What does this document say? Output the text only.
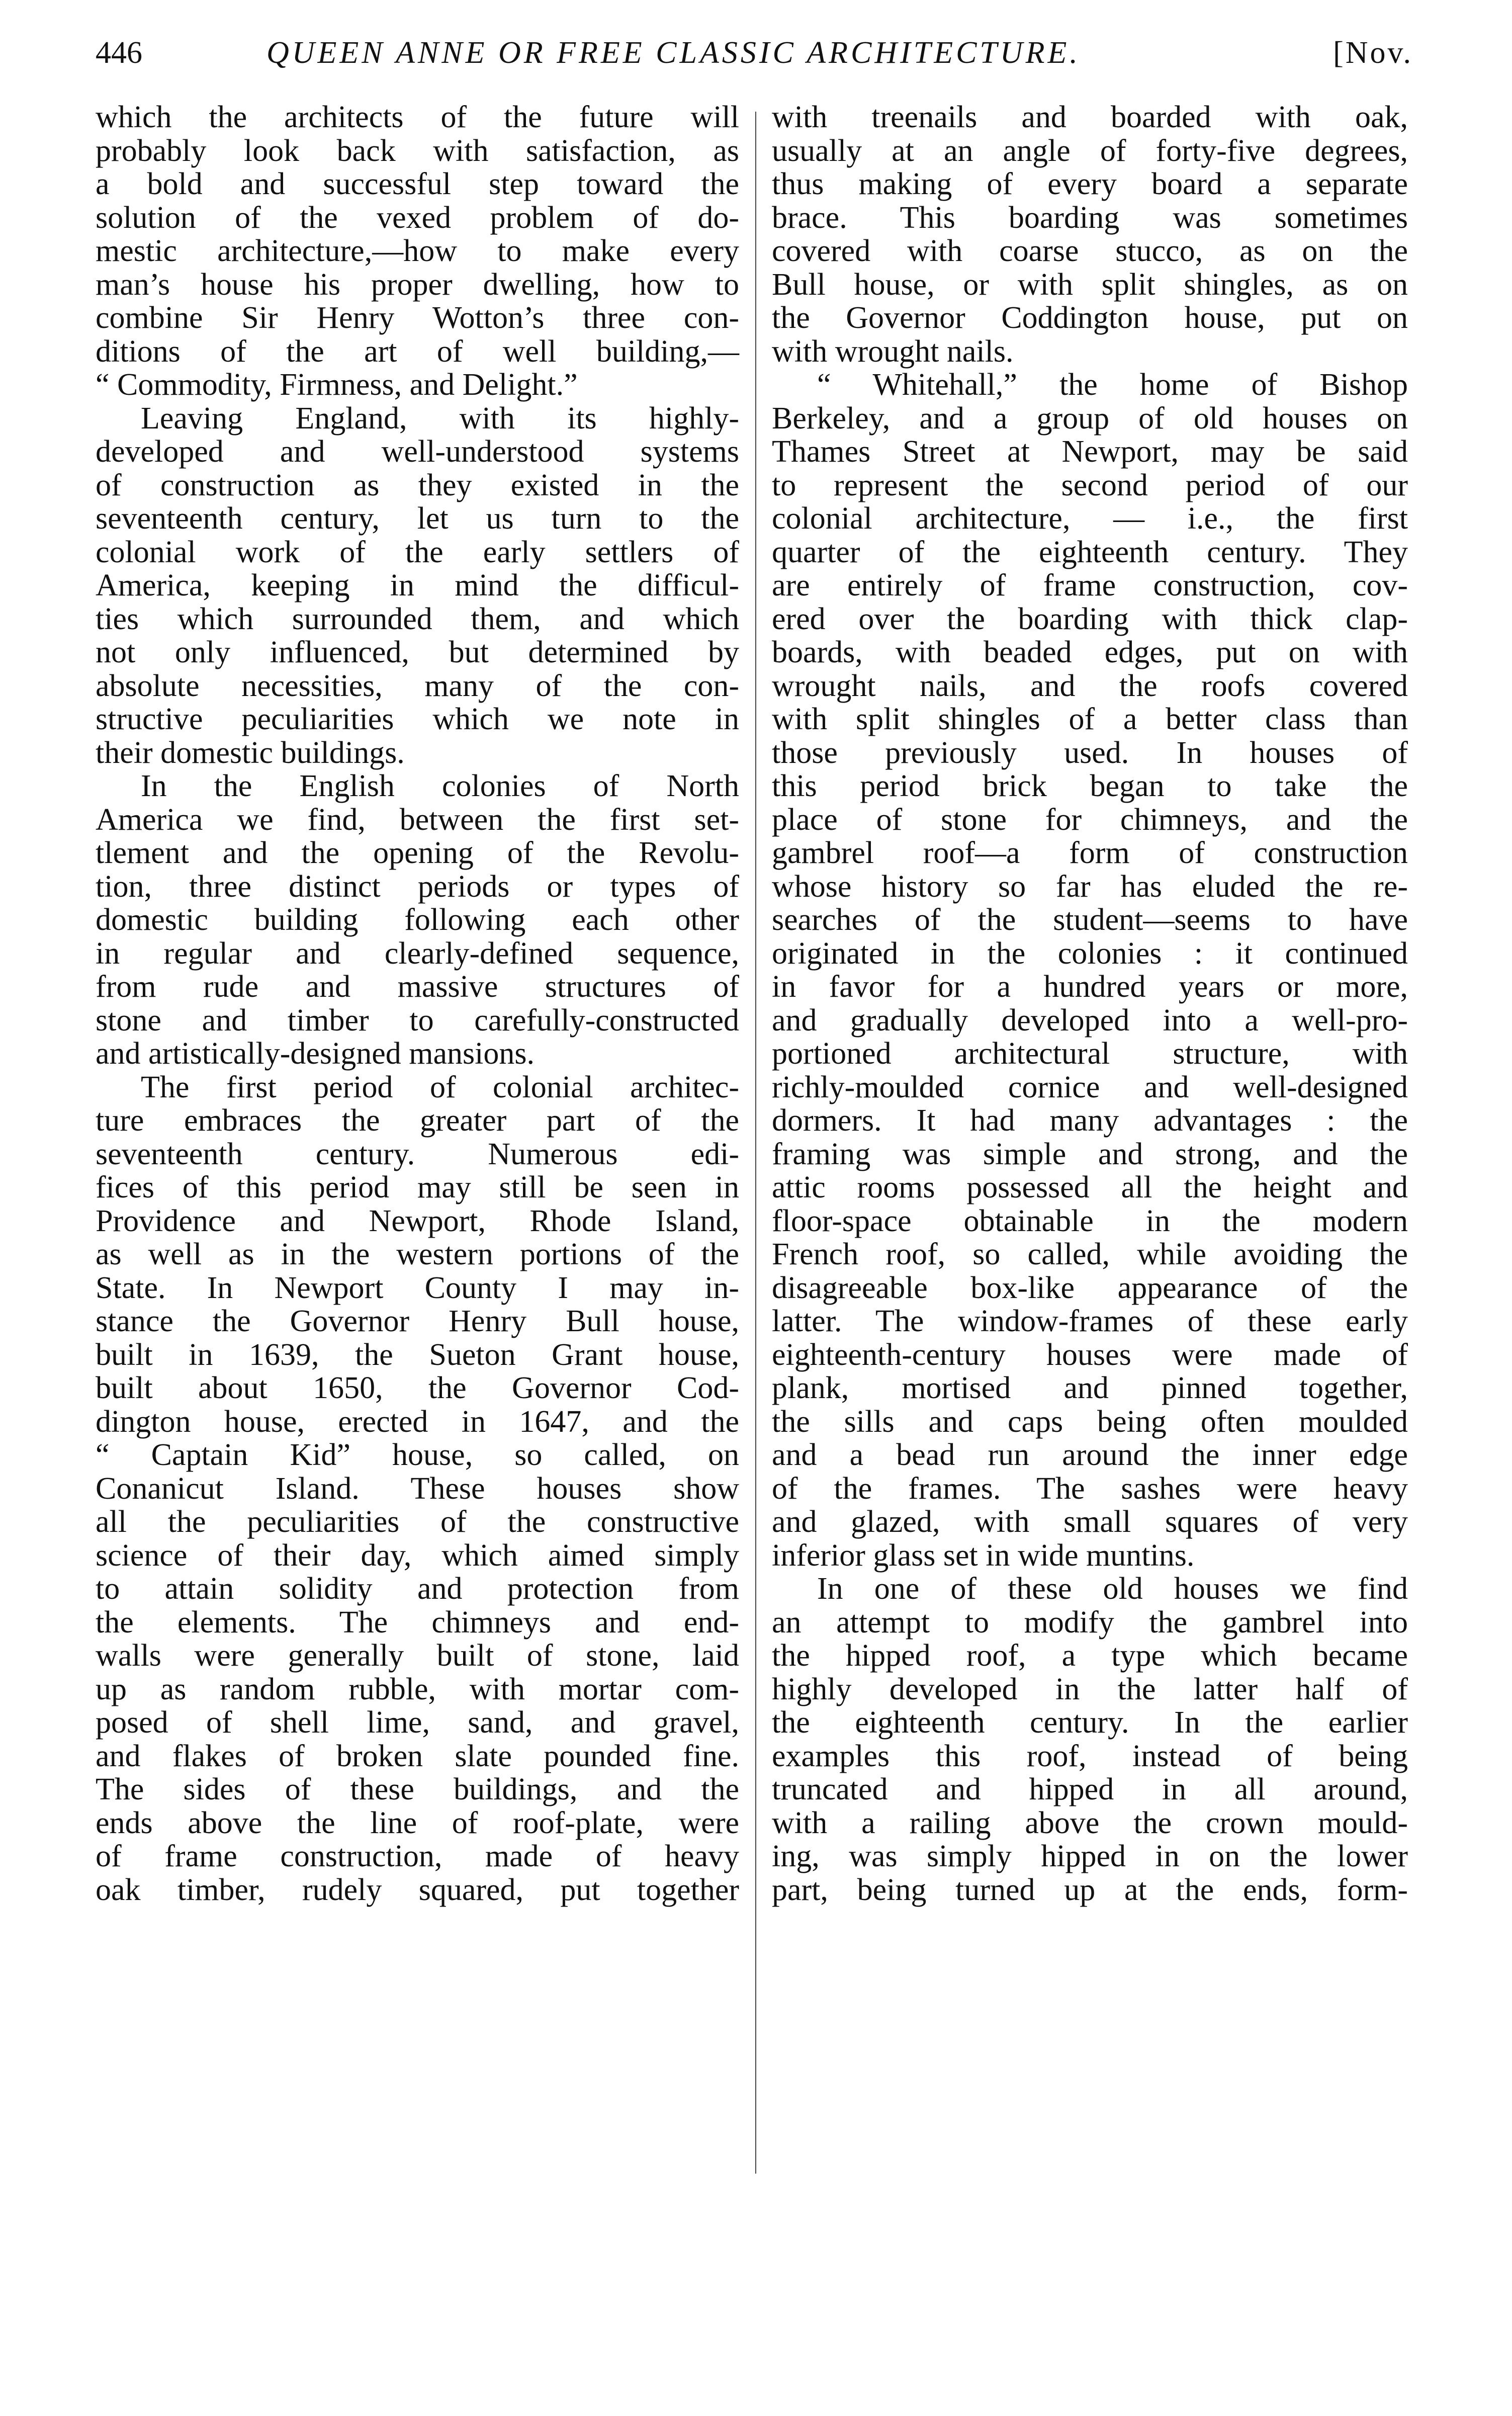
446	QUEEN ANNE OR FREE CLASSIC ARCHITECTURE.	[Nov.
which the architects of the future will
probably look back with satisfaction, as
a bold and successful step toward the
solution of the vexed problem of do-
mestic architecture,—how to make every
man’s house his proper dwelling, how to
combine Sir Henry Wotton’s three con-
ditions of the art of well building,—
“ Commodity, Firmness, and Delight.”
Leaving England, with its highly-
developed and well-understood systems
of construction as they existed in the
seventeenth century, let us turn to the
colonial work of the early settlers of
America, keeping in mind the difficul-
ties which surrounded them, and which
not only influenced, but determined by
absolute necessities, many of the con-
structive peculiarities which we note in
their domestic buildings.
In the English colonies of North
America we find, between the first set-
tlement and the opening of the Revolu-
tion, three distinct periods or types of
domestic building following each other
in regular and clearly-defined sequence,
from rude and massive structures of
stone and timber to carefully-constructed
and artistically-designed mansions.
The first period of colonial architec-
ture embraces the greater part of the
seventeenth century. Numerous edi-
fices of this period may still be seen in
Providence and Newport, Rhode Island,
as well as in the western portions of the
State. In Newport County I may in-
stance the Governor Henry Bull house,
built in 1639, the Sueton Grant house,
built about 1650, the Governor Cod-
dington house, erected in 1647, and the
“ Captain Kid” house, so called, on
Conanicut Island. These houses show
all the peculiarities of the constructive
science of their day, which aimed simply
to attain solidity and protection from
the elements. The chimneys and end-
walls were generally built of stone, laid
up as random rubble, with mortar com-
posed of shell lime, sand, and gravel,
and flakes of broken slate pounded fine.
The sides of these buildings, and the
ends above the line of roof-plate, were
of frame construction, made of heavy
oak timber, rudely squared, put together
with treenails and boarded with oak,
usually at an angle of forty-five degrees,
thus making of every board a separate
brace. This boarding was sometimes
covered with coarse stucco, as on the
Bull house, or with split shingles, as on
the Governor Coddington house, put on
with wrought nails.
“ Whitehall,” the home of Bishop
Berkeley, and a group of old houses on
Thames Street at Newport, may be said
to represent the second period of our
colonial architecture, — i.e., the first
quarter of the eighteenth century. They
are entirely of frame construction, cov-
ered over the boarding with thick clap-
boards, with beaded edges, put on with
wrought nails, and the roofs covered
with split shingles of a better class than
those previously used. In houses of
this period brick began to take the
place of stone for chimneys, and the
gambrel roof—a form of construction
whose history so far has eluded the re-
searches of the student—seems to have
originated in the colonies : it continued
in favor for a hundred years or more,
and gradually developed into a well-pro-
portioned architectural structure, with
richly-moulded cornice and well-designed
dormers. It had many advantages : the
framing was simple and strong, and the
attic rooms possessed all the height and
floor-space obtainable in the modern
French roof, so called, while avoiding the
disagreeable box-like appearance of the
latter. The window-frames of these early
eighteenth-century houses were made of
plank, mortised and pinned together,
the sills and caps being often moulded
and a bead run around the inner edge
of the frames. The sashes were heavy
and glazed, with small squares of very
inferior glass set in wide muntins.
In one of these old houses we find
an attempt to modify the gambrel into
the hipped roof, a type which became
highly developed in the latter half of
the eighteenth century. In the earlier
examples this roof, instead of being
truncated and hipped in all around,
with a railing above the crown mould-
ing, was simply hipped in on the lower
part, being turned up at the ends, form-
